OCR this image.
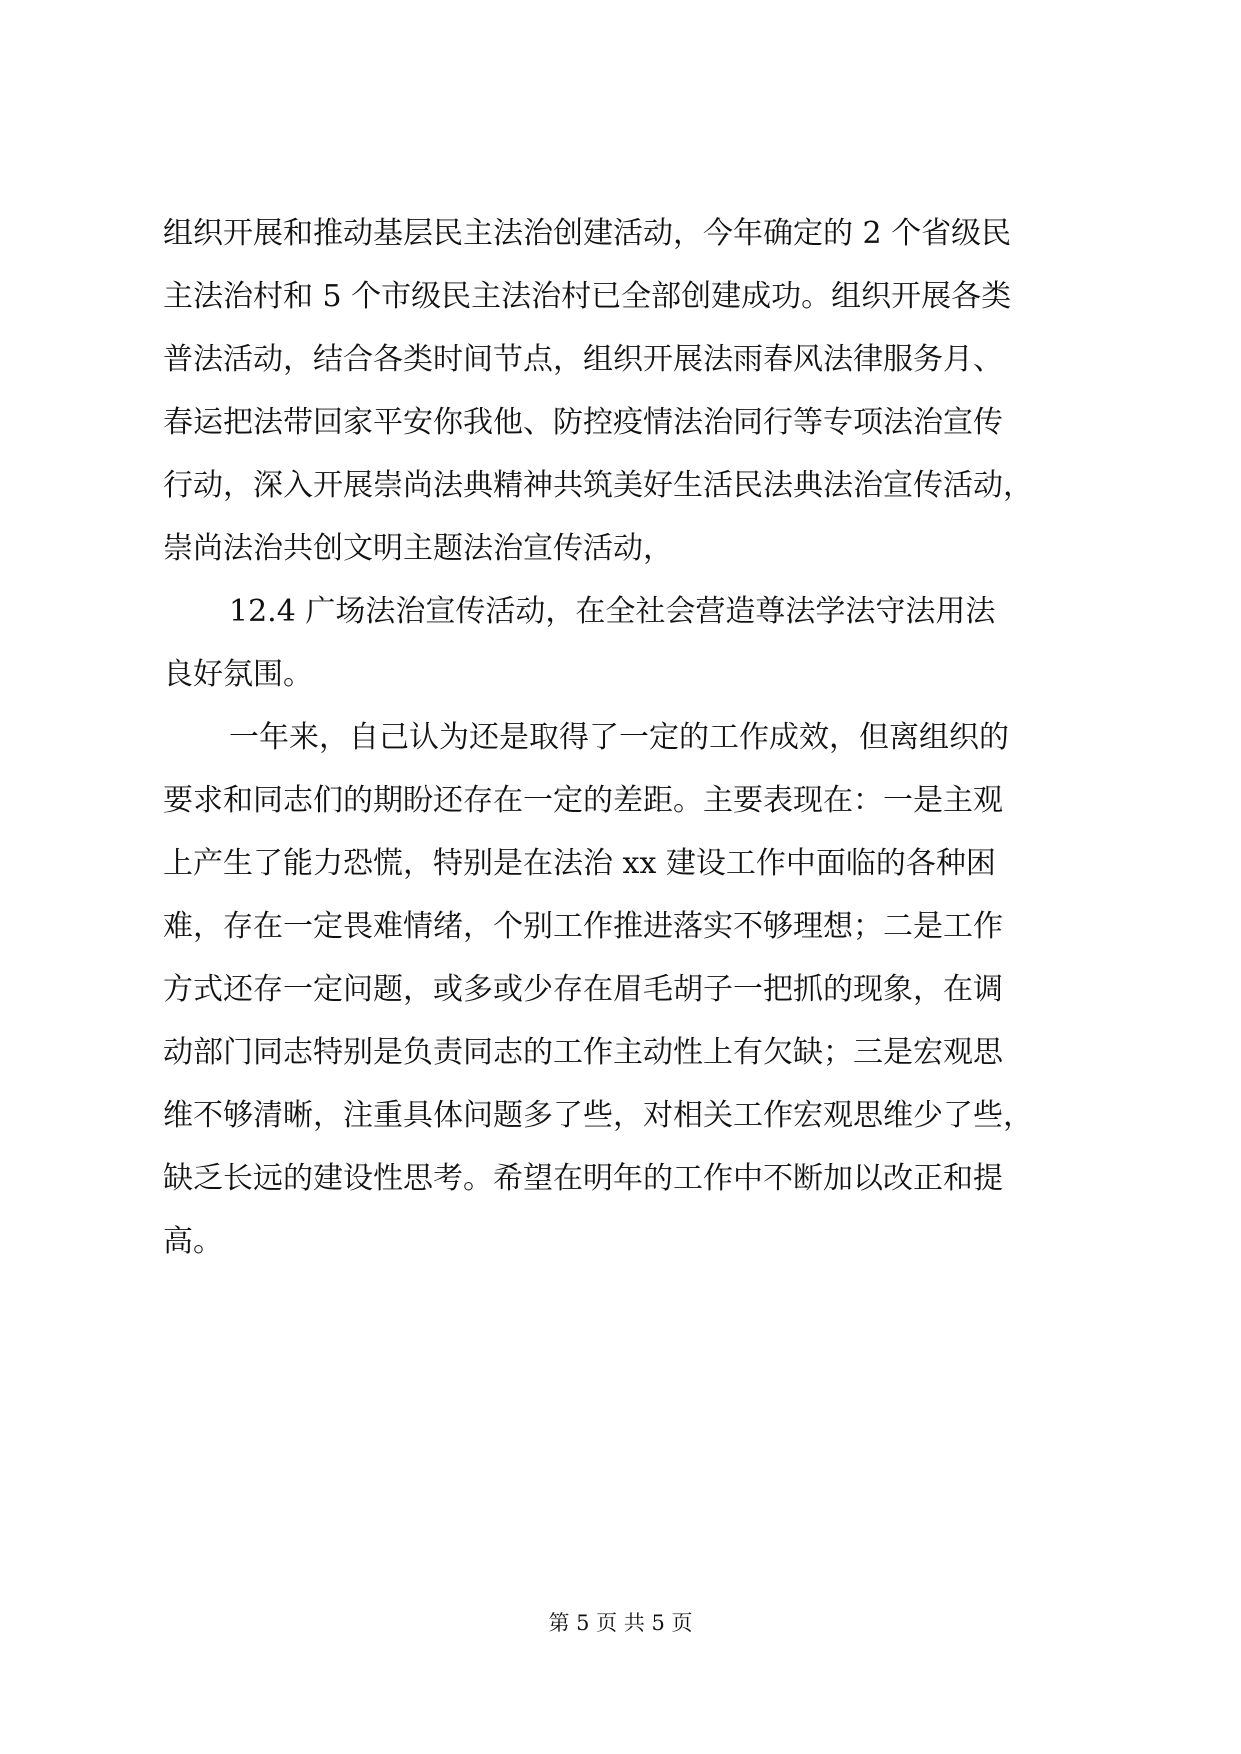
组织开展和推动基层民主法治创建活动，今年确定的 2 个省级民
主法治村和 5 个市级民主法治村已全部创建成功。组织开展各类
普法活动，结合各类时间节点，组织开展法雨春风法律服务月、
春运把法带回家平安你我他、防控疫情法治同行等专项法治宣传
行动，深入开展崇尚法典精神共筑美好生活民法典法治宣传活动，
崇尚法治共创文明主题法治宣传活动，
12.4 广场法治宣传活动，在全社会营造尊法学法守法用法
良好氛围。
一年来，自己认为还是取得了一定的工作成效，但离组织的
要求和同志们的期盼还存在一定的差距。主要表现在：一是主观
上产生了能力恐慌，特别是在法治 xx 建设工作中面临的各种困
难，存在一定畏难情绪，个别工作推进落实不够理想；二是工作
方式还存一定问题，或多或少存在眉毛胡子一把抓的现象，在调
动部门同志特别是负责同志的工作主动性上有欠缺；三是宏观思
维不够清晰，注重具体问题多了些，对相关工作宏观思维少了些，
缺乏长远的建设性思考。希望在明年的工作中不断加以改正和提
高。
第 5 页 共 5 页
